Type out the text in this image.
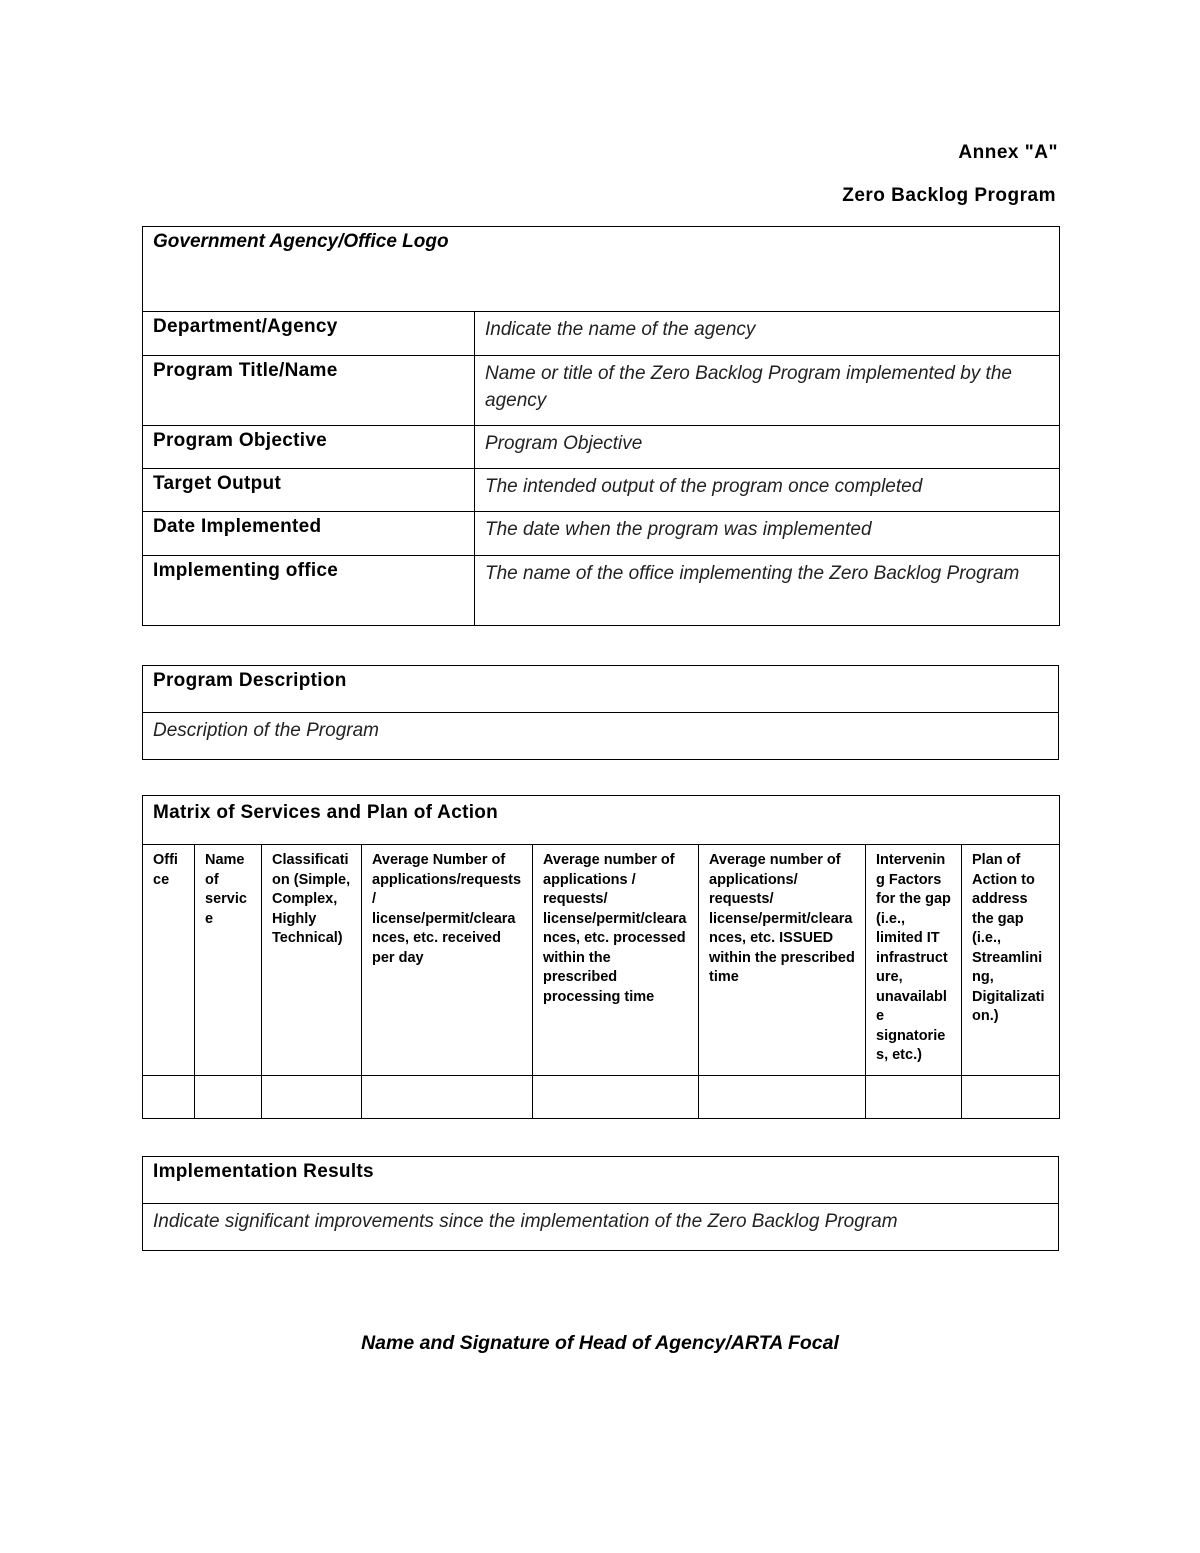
Annex "A"
Zero Backlog Program
Government Agency/Office Logo	
Department/Agency	Indicate the name of the agency
Program Title/Name	Name or title of the Zero Backlog Program implemented by the agency
Program Objective	Program Objective
Target Output	The intended output of the program once completed
Date Implemented	The date when the program was implemented
Implementing office	The name of the office implementing the Zero Backlog Program
Program Description
Description of the Program
Matrix of Services and Plan of Action							
Office	Name of service	Classification (Simple, Complex, Highly Technical)	Average Number of applications/requests/ license/permit/clearances, etc. received per day	Average number of applications / requests/ license/permit/clearances, etc. processed within the prescribed processing time	Average number of applications/ requests/ license/permit/clearances, etc. ISSUED within the prescribed time	Intervening Factors for the gap (i.e., limited IT infrastructure, unavailable signatories, etc.)	Plan of Action to address the gap (i.e., Streamlining, Digitalization.)

Implementation Results
Indicate significant improvements since the implementation of the Zero Backlog Program
Name and Signature of Head of Agency/ARTA Focal
